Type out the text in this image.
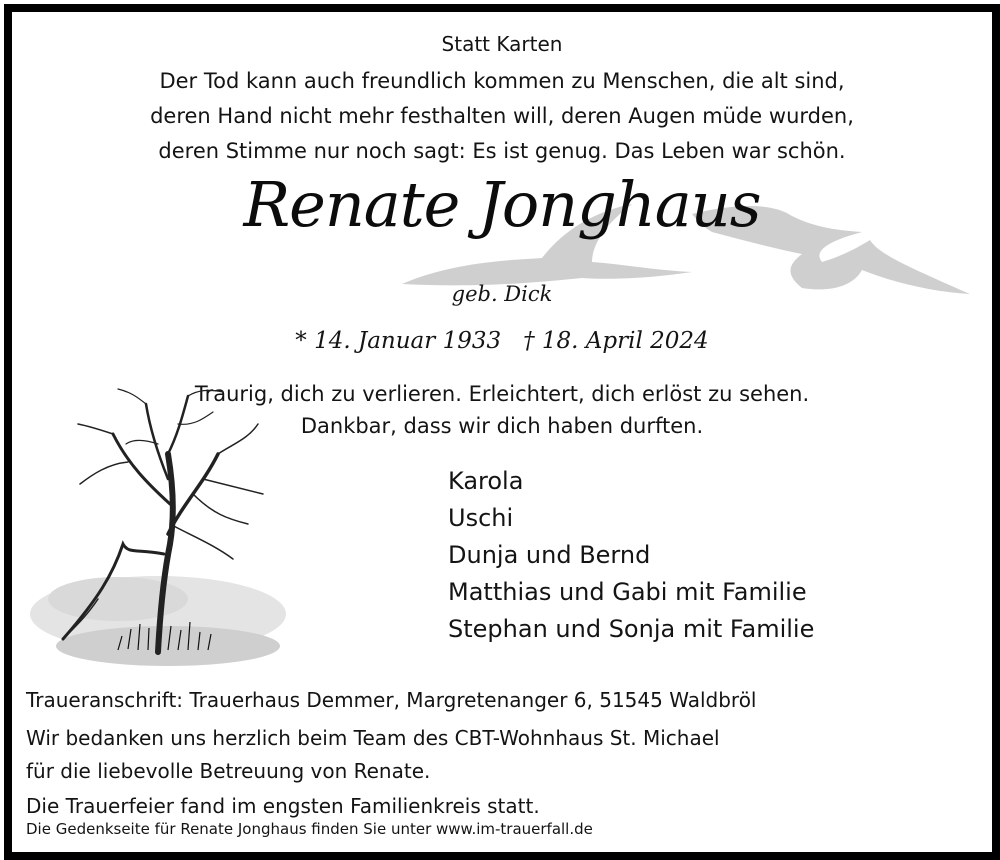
Statt Karten
Der Tod kann auch freundlich kommen zu Menschen, die alt sind,
deren Hand nicht mehr festhalten will, deren Augen müde wurden,
deren Stimme nur noch sagt: Es ist genug. Das Leben war schön.
Renate Jonghaus
geb. Dick
* 14. Januar 1933 † 18. April 2024
Traurig, dich zu verlieren. Erleichtert, dich erlöst zu sehen.
Dankbar, dass wir dich haben durften.
Karola
Uschi
Dunja und Bernd
Matthias und Gabi mit Familie
Stephan und Sonja mit Familie
Traueranschrift: Trauerhaus Demmer, Margretenanger 6, 51545 Waldbröl
Wir bedanken uns herzlich beim Team des CBT-Wohnhaus St. Michael
für die liebevolle Betreuung von Renate.
Die Trauerfeier fand im engsten Familienkreis statt.
Die Gedenkseite für Renate Jonghaus finden Sie unter www.im-trauerfall.de
